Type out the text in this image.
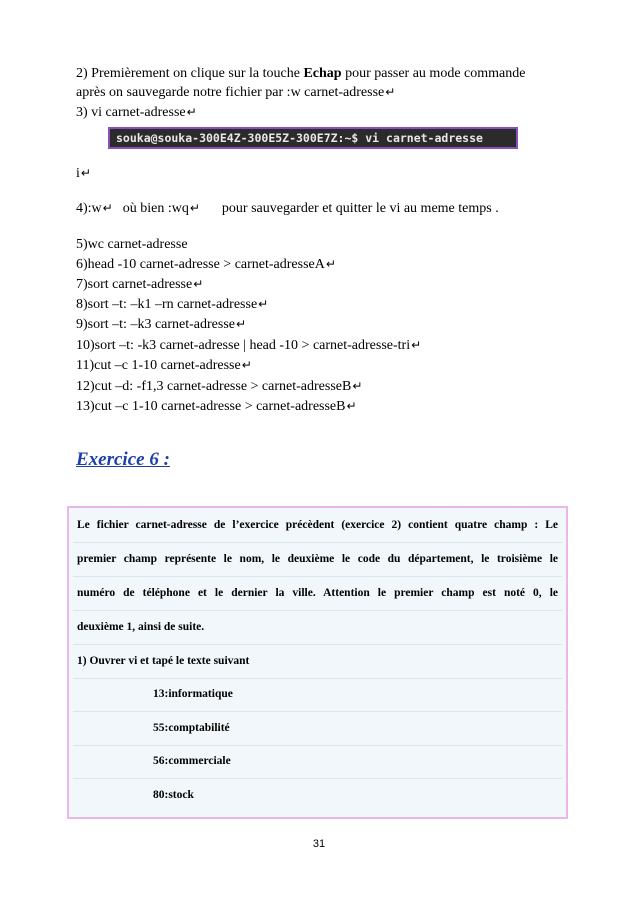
2) Premièrement on clique sur la touche Echap pour passer au mode commande
après on sauvegarde notre fichier par :w carnet-adresse↵
3) vi carnet-adresse↵
souka@souka-300E4Z-300E5Z-300E7Z:~$ vi carnet-adresse
i↵
4):w↵ où bien :wq↵ pour sauvegarder et quitter le vi au meme temps .
5)wc carnet-adresse
6)head -10 carnet-adresse > carnet-adresseA↵
7)sort carnet-adresse↵
8)sort –t: –k1 –rn carnet-adresse↵
9)sort –t: –k3 carnet-adresse↵
10)sort –t: -k3 carnet-adresse | head -10 > carnet-adresse-tri↵
11)cut –c 1-10 carnet-adresse↵
12)cut –d: -f1,3 carnet-adresse > carnet-adresseB↵
13)cut –c 1-10 carnet-adresse > carnet-adresseB↵
Exercice 6 :
Le fichier carnet-adresse de l’exercice précèdent (exercice 2) contient quatre champ : Le
premier champ représente le nom, le deuxième le code du département, le troisième le
numéro de téléphone et le dernier la ville. Attention le premier champ est noté 0, le
deuxième 1, ainsi de suite.
1) Ouvrer vi et tapé le texte suivant
13:informatique
55:comptabilité
56:commerciale
80:stock
31
